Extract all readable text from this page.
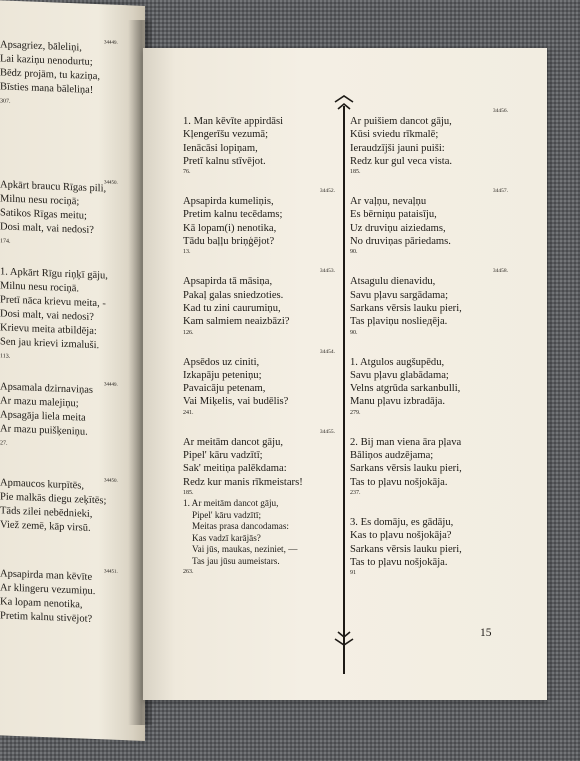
34449.
Apsagriez, bāleliņi,
Lai kaziņu nenodurtu;
Bēdz projām, tu kaziņa,
Bīsties mana bāleliņa!
307.
34450.
Apkārt braucu Rīgas pili,
Milnu nesu rociņā;
Satikos Rīgas meitu;
Dosi malt, vai nedosi?
174.
1. Apkārt Rīgu riņķī gāju,
Milnu nesu rociņā.
Pretī nāca krievu meita, -
Dosi malt, vai nedosi?
Krievu meita atbildēja:
Sen jau krievi izmaluši.
113.
34449.
Apsamala dzirnaviņas
Ar mazu maleјiņu;
Apsagāja liela meita
Ar mazu puišķeniņu.
27.
34450.
Apmaucos kurpītēs,
Pie malkās diegu zeķītēs;
Tāds zilei nebēdnieki,
Viež zemē, kāp virsū.
34451.
Apsapirda man kēvīte
Ar klingeru vezumiņu.
Ka lopam nenotika,
Pretim kalnu stivējot?
1. Man kēvīte appirdāsi
Kļengerīšu vezumā;
Ienācāsi lopiņam,
Pretī kalnu stīvējot.
76.
34452.
Apsapirda kumeliņis,
Pretim kalnu tecēdams;
Kā lopam(i) nenotika,
Tādu baļļu briņģējot?
13.
34453.
Apsapirda tā māsiņa,
Pakaļ galas sniedzoties.
Kad tu zini caurumiņu,
Kam salmiem neaizbāzi?
126.
34454.
Apsēdos uz ciniti,
Izkapāju peteniņu;
Pavaicāju petenam,
Vai Miķelis, vai budēlis?
241.
34455.
Ar meitām dancot gāju,
Pipel' kāru vadzītī;
Sak' meitiņa palēkdama:
Redz kur manis rīkmeistars!
185.
1. Ar meitām dancot gāju,
Pipel' kāru vadzītī;
Meitas prasa dancodamas:
Kas vadzī karājās?
Vai jūs, maukas, neziniet, —
Tas jau jūsu aumeistars.
263.
34456.
Ar puišiem dancot gāju,
Kūsi sviedu rīkmalē;
Ieraudzījši jauni puiši:
Redz kur gul veca vista.
185.
34457.
Ar vaļņu, nevaļņu
Es bērniņu pataisīju,
Uz druviņu aiziedams,
No druviņas pāriedams.
90.
34458.
Atsagulu dienavidu,
Savu pļavu sargādama;
Sarkans vērsis lauku pieri,
Tas pļaviņu noslieдēja.
90.
1. Atgulos augšupēdu,
Savu pļavu glabādama;
Velns atgrūda sarkanbulli,
Manu pļavu izbradāja.
279.
2. Bij man viena āra pļava
Bāliņos audzējama;
Sarkans vērsis lauku pieri,
Tas to pļavu nošjokāja.
237.
3. Es domāju, es gādāju,
Kas to pļavu nošjokāja?
Sarkans vērsis lauku pieri,
Tas to pļavu nošjokāja.
91
15
